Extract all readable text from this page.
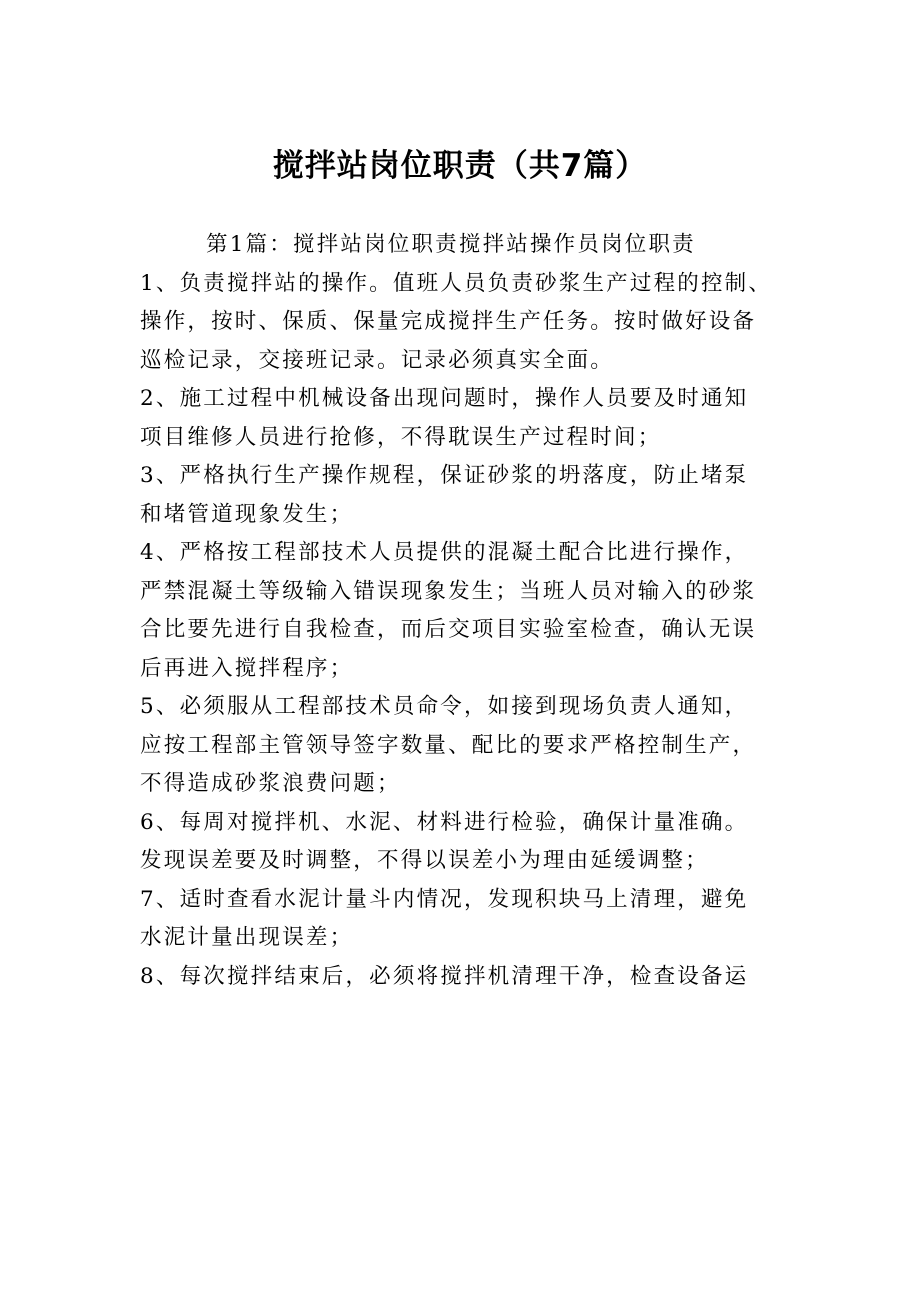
搅拌站岗位职责（共7篇）
第1篇：搅拌站岗位职责搅拌站操作员岗位职责
1、负责搅拌站的操作。值班人员负责砂浆生产过程的控制、
操作，按时、保质、保量完成搅拌生产任务。按时做好设备
巡检记录，交接班记录。记录必须真实全面。
2、施工过程中机械设备出现问题时，操作人员要及时通知
项目维修人员进行抢修，不得耽误生产过程时间；
3、严格执行生产操作规程，保证砂浆的坍落度，防止堵泵
和堵管道现象发生；
4、严格按工程部技术人员提供的混凝土配合比进行操作，
严禁混凝土等级输入错误现象发生；当班人员对输入的砂浆
合比要先进行自我检查，而后交项目实验室检查，确认无误
后再进入搅拌程序；
5、必须服从工程部技术员命令，如接到现场负责人通知，
应按工程部主管领导签字数量、配比的要求严格控制生产，
不得造成砂浆浪费问题；
6、每周对搅拌机、水泥、材料进行检验，确保计量准确。
发现误差要及时调整，不得以误差小为理由延缓调整；
7、适时查看水泥计量斗内情况，发现积块马上清理，避免
水泥计量出现误差；
8、每次搅拌结束后，必须将搅拌机清理干净，检查设备运
